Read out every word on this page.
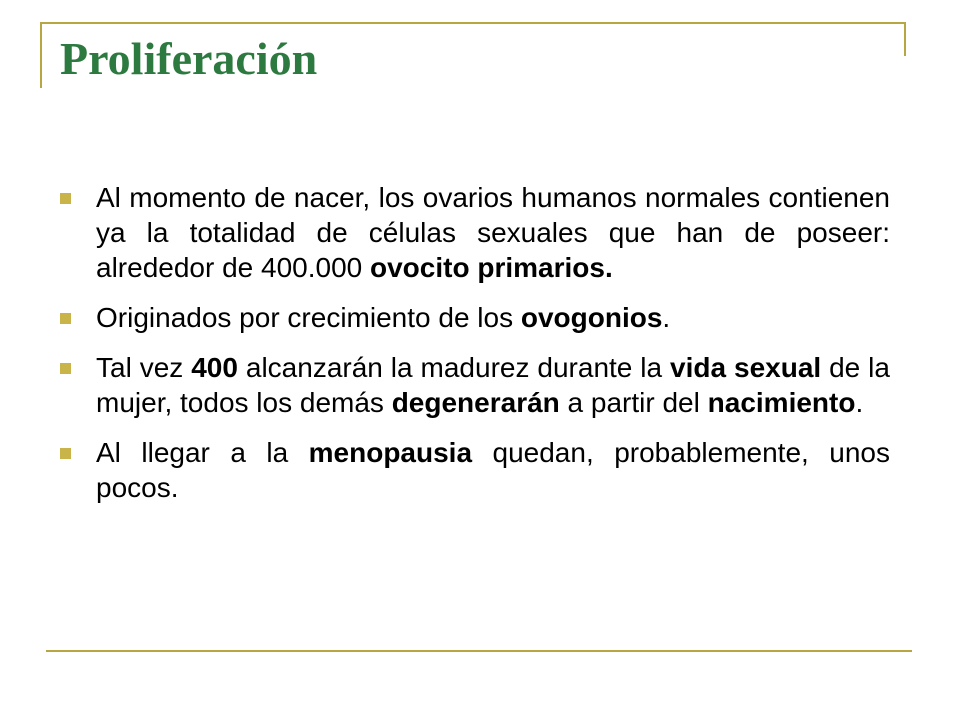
Proliferación
Al momento de nacer, los ovarios humanos normales contienen ya la totalidad de células sexuales que han de poseer: alrededor de 400.000 ovocito primarios.
Originados por crecimiento de los ovogonios.
Tal vez 400 alcanzarán la madurez durante la vida sexual de la mujer, todos los demás degenerarán a partir del nacimiento.
Al llegar a la menopausia quedan, probablemente, unos pocos.
